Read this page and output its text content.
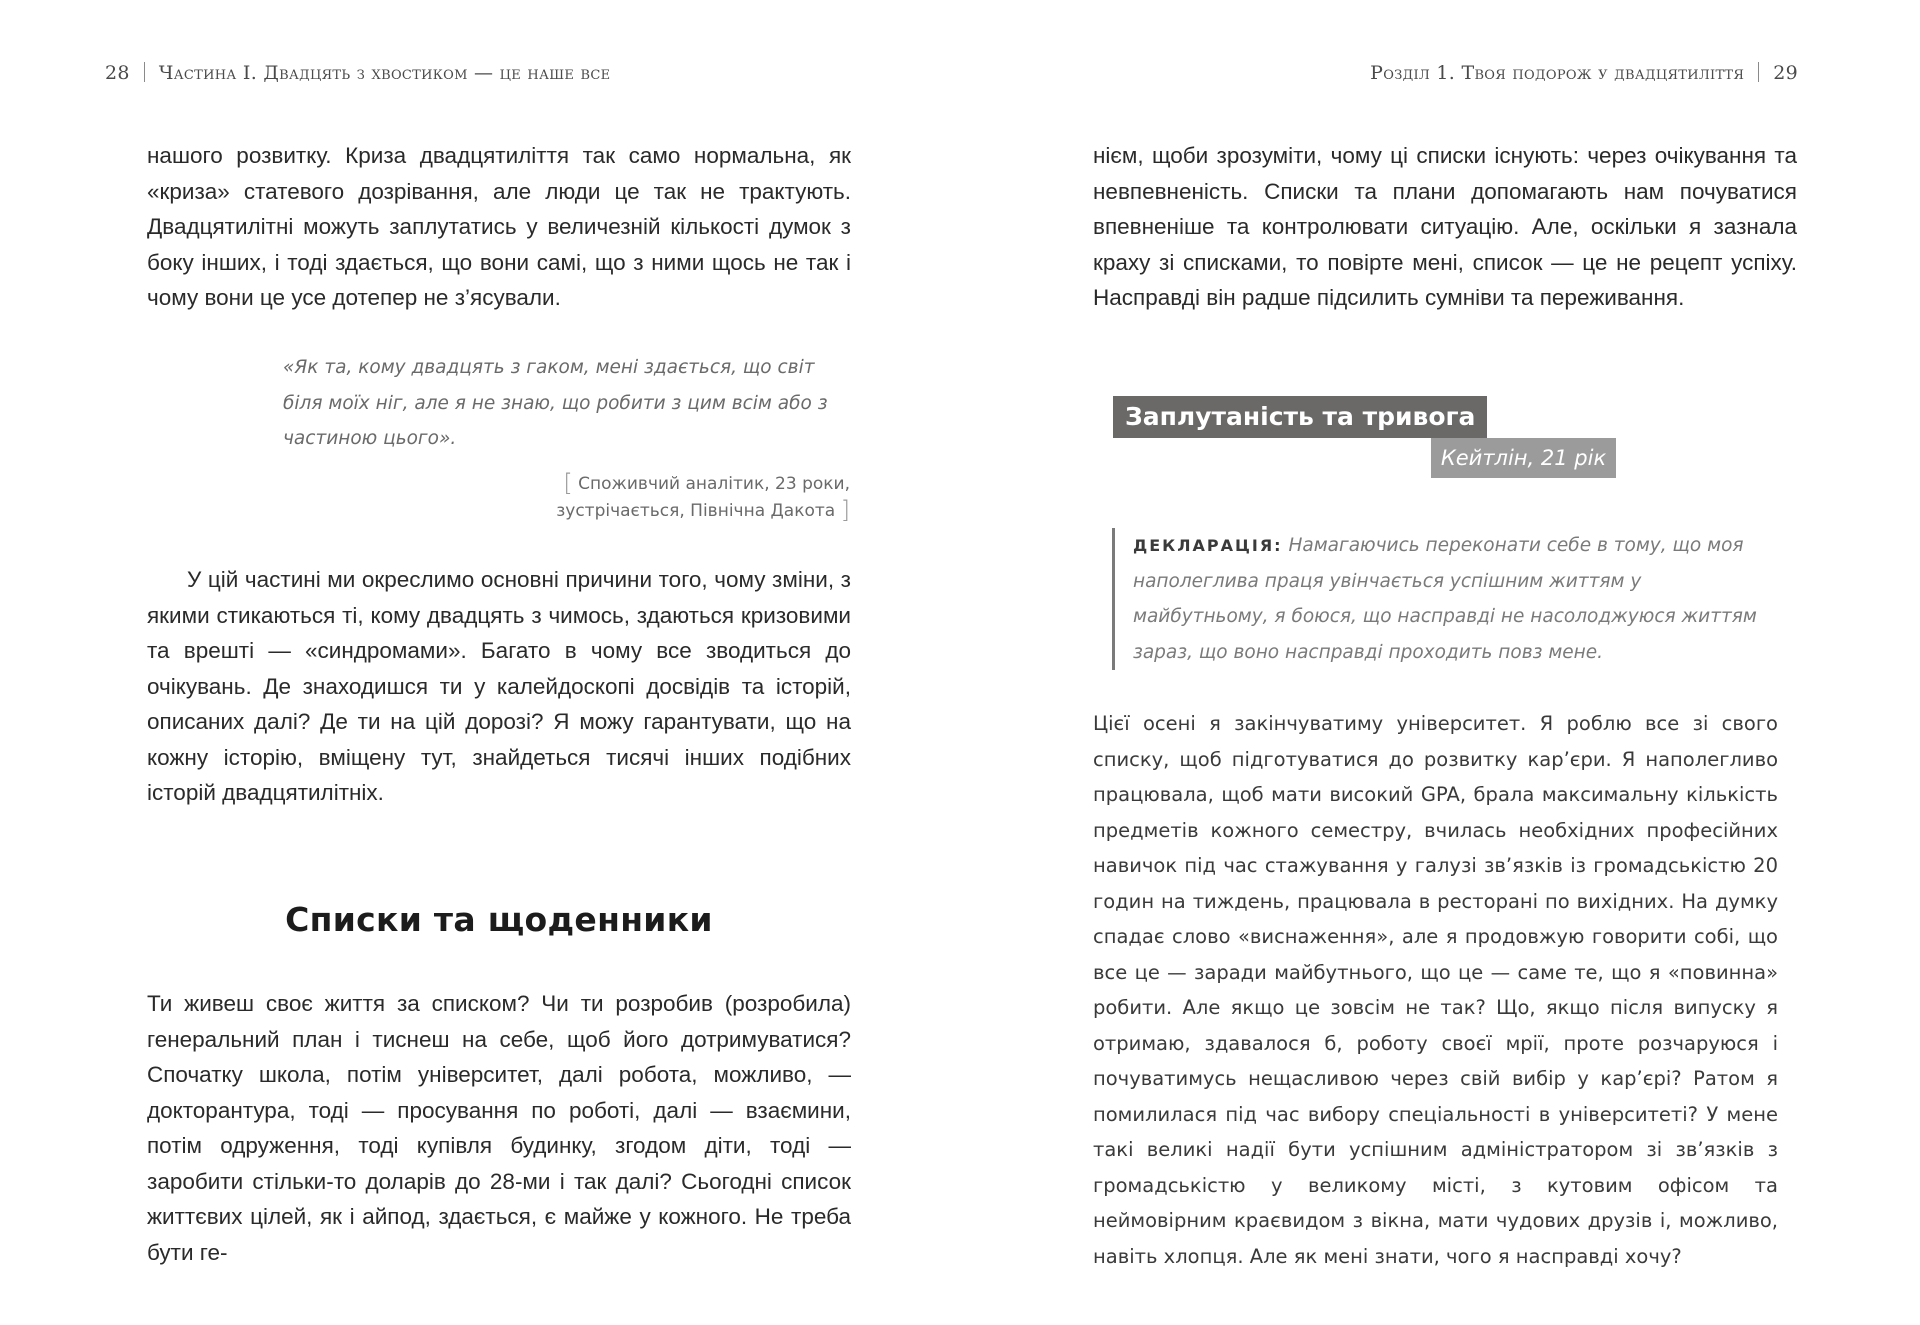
28 Частина І. Двадцять з хвостиком — це наше все

нашого розвитку. Криза двадцятиліття так само нормальна, як «криза» статевого дозрівання, але люди це так не трактують. Двадцятилітні можуть заплутатись у величезній кількості думок з боку інших, і тоді здається, що вони самі, що з ними щось не так і чому вони це усе дотепер не з’ясували.

«Як та, кому двадцять з гаком, мені здається, що світ біля моїх ніг, але я не знаю, що робити з цим всім або з частиною цього».

[ Споживчий аналітик, 23 роки,
зустрічається, Північна Дакота ]

У цій частині ми окреслимо основні причини того, чому зміни, з якими стикаються ті, кому двадцять з чимось, здаються кризовими та врешті — «синдромами». Багато в чому все зводиться до очікувань. Де знаходишся ти у калейдоскопі досвідів та історій, описаних далі? Де ти на цій дорозі? Я можу гарантувати, що на кожну історію, вміщену тут, знайдеться тисячі інших подібних історій двадцятилітніх.

Списки та щоденники

Ти живеш своє життя за списком? Чи ти розробив (розробила) генеральний план і тиснеш на себе, щоб його дотримуватися? Спочатку школа, потім університет, далі робота, можливо, — докторантура, тоді — просування по роботі, далі — взаємини, потім одруження, тоді купівля будинку, згодом діти, тоді — заробити стільки-то доларів до 28-ми і так далі? Сьогодні список життєвих цілей, як і айпод, здається, є майже у кожного. Не треба бути ге-

Розділ 1. Твоя подорож у двадцятиліття 29

нієм, щоби зрозуміти, чому ці списки існують: через очікування та невпевненість. Списки та плани допомагають нам почуватися впевненіше та контролювати ситуацію. Але, оскільки я зазнала краху зі списками, то повірте мені, список — це не рецепт успіху. Насправді він радше підсилить сумніви та переживання.

Заплутаність та тривога
Кейтлін, 21 рік

ДЕКЛАРАЦІЯ: Намагаючись переконати себе в тому, що моя наполеглива праця увінчається успішним життям у майбутньому, я боюся, що насправді не насолоджуюся життям зараз, що воно насправді проходить повз мене.

Цієї осені я закінчуватиму університет. Я роблю все зі свого списку, щоб підготуватися до розвитку кар’єри. Я наполегливо працювала, щоб мати високий GPA, брала максимальну кількість предметів кожного семестру, вчилась необхідних професійних навичок під час стажування у галузі зв’язків із громадськістю 20 годин на тиждень, працювала в ресторані по вихідних. На думку спадає слово «виснаження», але я продовжую говорити собі, що все це — заради майбутнього, що це — саме те, що я «повинна» робити. Але якщо це зовсім не так? Що, якщо після випуску я отримаю, здавалося б, роботу своєї мрії, проте розчаруюся і почуватимусь нещасливою через свій вибір у кар’єрі? Ратом я помилилася під час вибору спеціальності в університеті? У мене такі великі надії бути успішним адміністратором зі зв’язків з громадськістю у великому місті, з кутовим офісом та неймовірним краєвидом з вікна, мати чудових друзів і, можливо, навіть хлопця. Але як мені знати, чого я насправді хочу?
